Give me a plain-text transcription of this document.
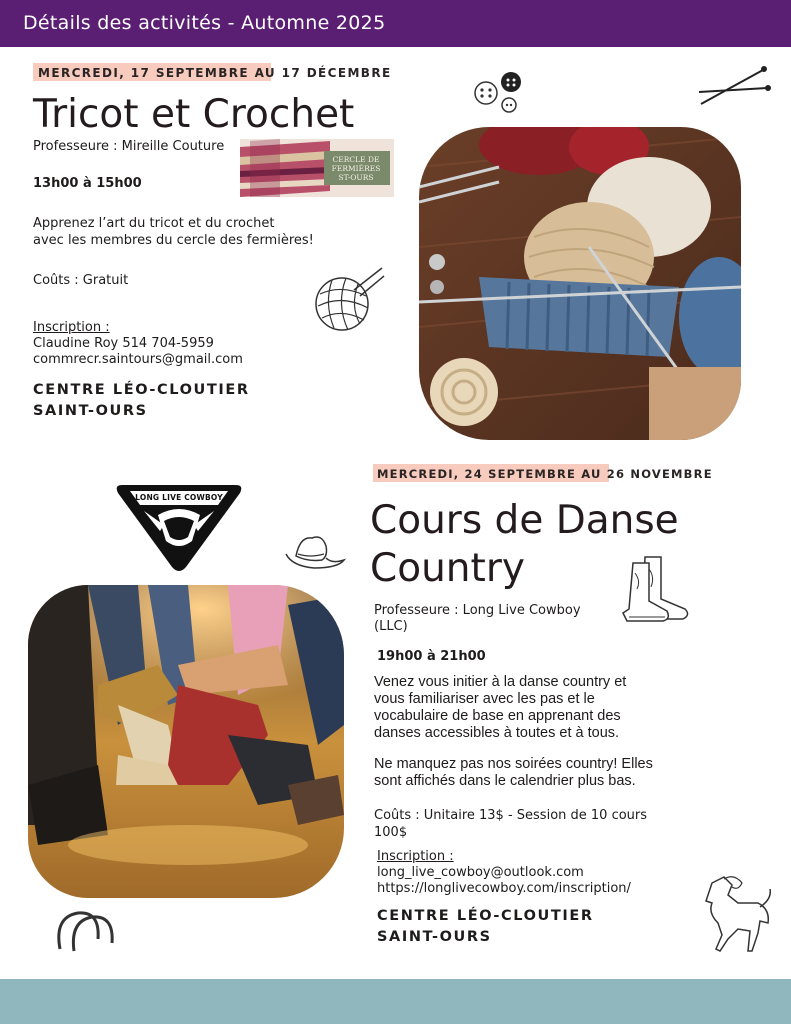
Détails des activités - Automne 2025
MERCREDI, 17 SEPTEMBRE AU 17 DÉCEMBRE
Tricot et Crochet
Professeure : Mireille Couture
13h00 à 15h00
Apprenez l’art du tricot et du crochet
avec les membres du cercle des fermières!
Coûts : Gratuit
Inscription :
Claudine Roy 514 704-5959
commrecr.saintours@gmail.com
CENTRE LÉO-CLOUTIER
SAINT-OURS
CERCLE DE
FERMIÈRES
ST-OURS
MERCREDI, 24 SEPTEMBRE AU 26 NOVEMBRE
Cours de Danse
Country
Professeure : Long Live Cowboy
(LLC)
19h00 à 21h00
Venez vous initier à la danse country et
vous familiariser avec les pas et le
vocabulaire de base en apprenant des
danses accessibles à toutes et à tous.
Ne manquez pas nos soirées country! Elles
sont affichés dans le calendrier plus bas.
Coûts : Unitaire 13$ - Session de 10 cours
100$
Inscription :
long_live_cowboy@outlook.com
https://longlivecowboy.com/inscription/
CENTRE LÉO-CLOUTIER
SAINT-OURS
LONG LIVE COWBOY
